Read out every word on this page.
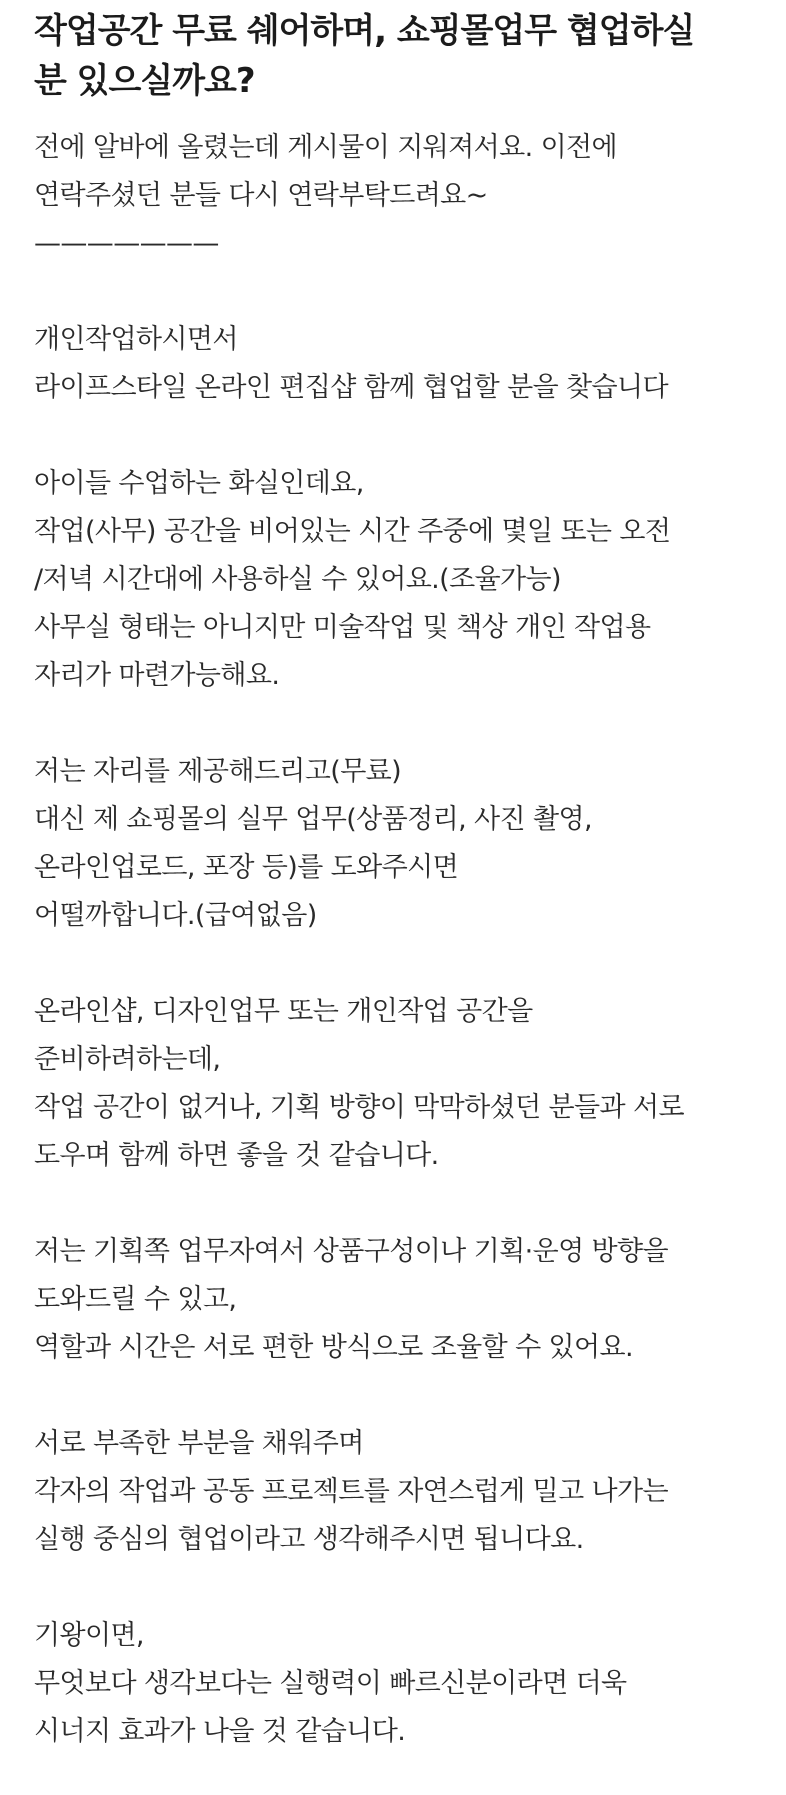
작업공간 무료 쉐어하며, 쇼핑몰업무 협업하실
분 있으실까요?
전에 알바에 올렸는데 게시물이 지워져서요. 이전에
연락주셨던 분들 다시 연락부탁드려요~
———————
개인작업하시면서
라이프스타일 온라인 편집샵 함께 협업할 분을 찾습니다
아이들 수업하는 화실인데요,
작업(사무) 공간을 비어있는 시간 주중에 몇일 또는 오전
/저녁 시간대에 사용하실 수 있어요.(조율가능)
사무실 형태는 아니지만 미술작업 및 책상 개인 작업용
자리가 마련가능해요.
저는 자리를 제공해드리고(무료)
대신 제 쇼핑몰의 실무 업무(상품정리, 사진 촬영,
온라인업로드, 포장 등)를 도와주시면
어떨까합니다.(급여없음)
온라인샵, 디자인업무 또는 개인작업 공간을
준비하려하는데,
작업 공간이 없거나, 기획 방향이 막막하셨던 분들과 서로
도우며 함께 하면 좋을 것 같습니다.
저는 기획쪽 업무자여서 상품구성이나 기획·운영 방향을
도와드릴 수 있고,
역할과 시간은 서로 편한 방식으로 조율할 수 있어요.
서로 부족한 부분을 채워주며
각자의 작업과 공동 프로젝트를 자연스럽게 밀고 나가는
실행 중심의 협업이라고 생각해주시면 됩니다요.
기왕이면,
무엇보다 생각보다는 실행력이 빠르신분이라면 더욱
시너지 효과가 나을 것 같습니다.
